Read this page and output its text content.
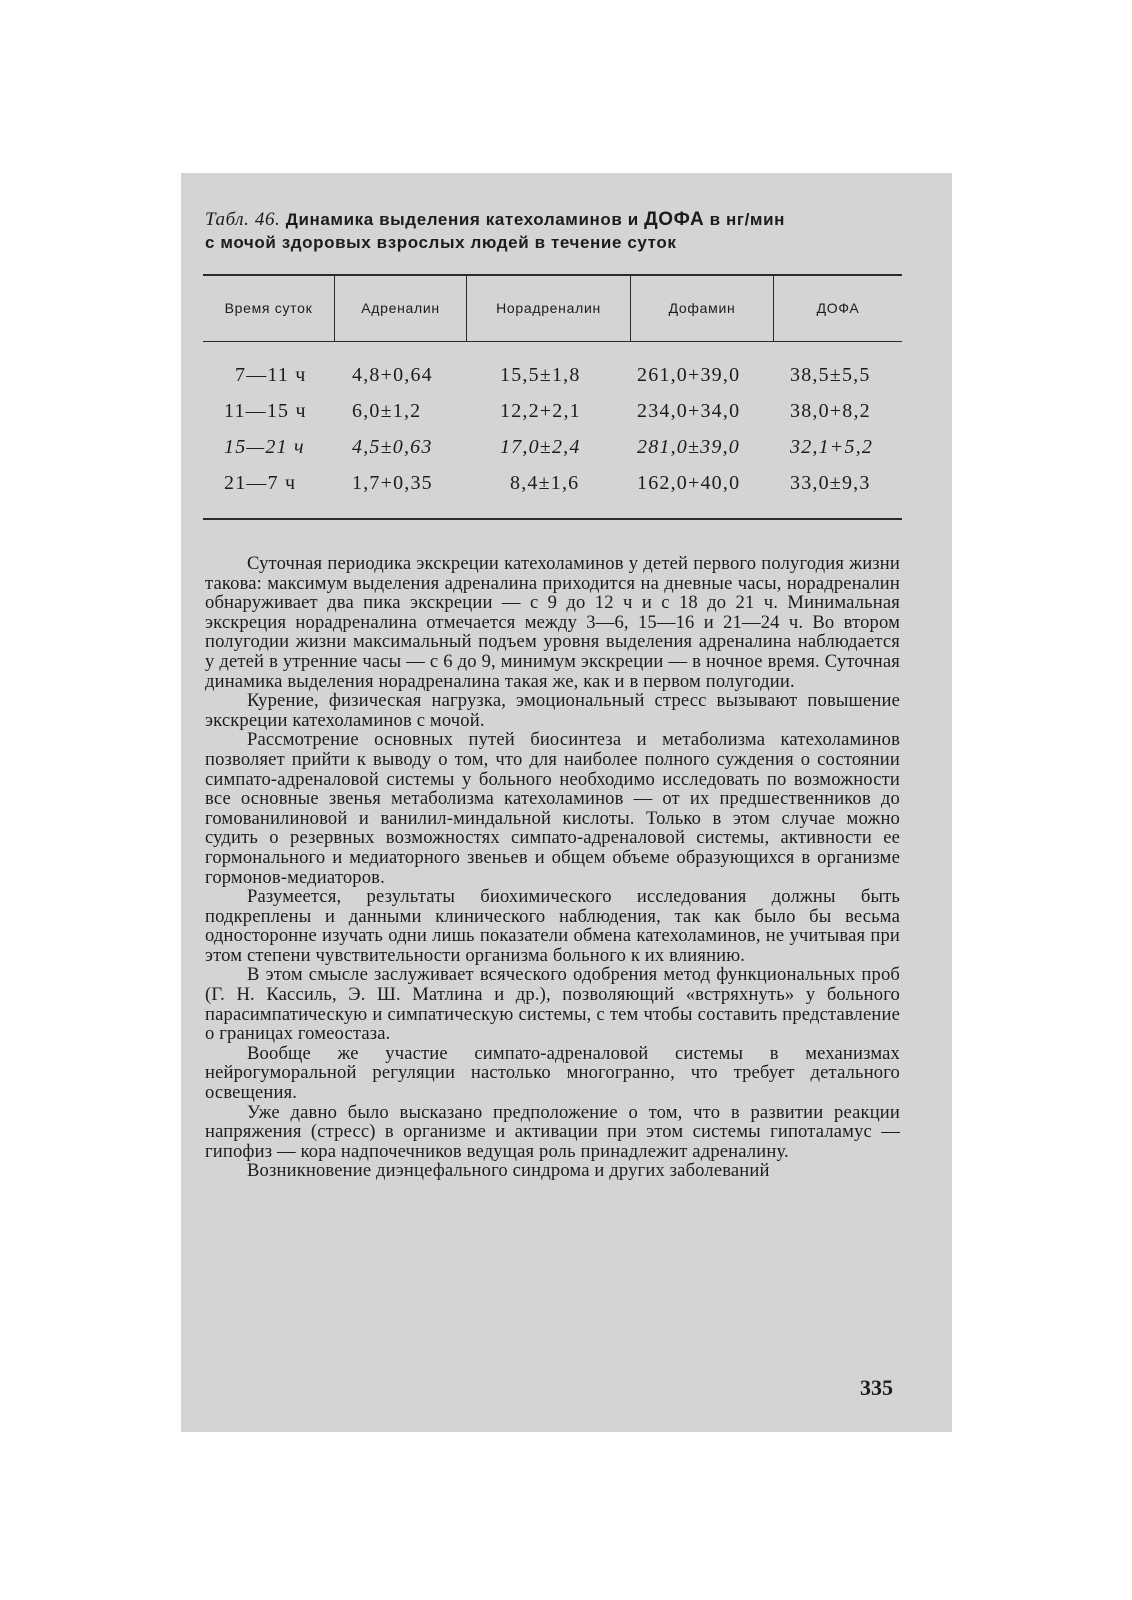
Табл. 46. Динамика выделения катехоламинов и ДОФА в нг/мин
с мочой здоровых взрослых людей в течение суток
Время суток	Адреналин	Норадреналин	Дофамин	ДОФА
7—11 ч 4,8+0,64	15,5±1,8	261,0+39,0 38,5±5,5
11—15 ч 6,0±1,2	12,2+2,1	234,0+34,0 38,0+8,2
15—21 ч 4,5±0,63	17,0±2,4	281,0±39,0	32,1+5,2
21—7 ч	1,7+0,35	8,4±1,6	162,0+40,0 33,0±9,3

Суточная периодика экскреции катехоламинов у детей первого полугодия жизни такова: максимум выделения адреналина приходится на дневные часы, норадреналин обнаруживает два пика экскреции — с 9 до 12 ч и с 18 до 21 ч. Минимальная экскреция норадреналина отмечается между 3—6, 15—16 и 21—24 ч. Во втором полугодии жизни максимальный подъем уровня выделения адреналина наблюдается у детей в утренние часы — с 6 до 9, минимум экскреции — в ночное время. Суточная динамика выделения норадреналина такая же, как и в первом полугодии.

Курение, физическая нагрузка, эмоциональный стресс вызывают повышение экскреции катехоламинов с мочой.

Рассмотрение основных путей биосинтеза и метаболизма катехоламинов позволяет прийти к выводу о том, что для наиболее полного суждения о состоянии симпато-адреналовой системы у больного необходимо исследовать по возможности все основные звенья метаболизма катехоламинов — от их предшественников до гомованилиновой и ванилил-миндальной кислоты. Только в этом случае можно судить о резервных возможностях симпато-адреналовой системы, активности ее гормонального и медиаторного звеньев и общем объеме образующихся в организме гормонов-медиаторов.

Разумеется, результаты биохимического исследования должны быть подкреплены и данными клинического наблюдения, так как было бы весьма односторонне изучать одни лишь показатели обмена катехоламинов, не учитывая при этом степени чувствительности организма больного к их влиянию.

В этом смысле заслуживает всяческого одобрения метод функциональных проб (Г. Н. Кассиль, Э. Ш. Матлина и др.), позволяющий «встряхнуть» у больного парасимпатическую и симпатическую системы, с тем чтобы составить представление о границах гомеостаза.

Вообще же участие симпато-адреналовой системы в механизмах нейрогуморальной регуляции настолько многогранно, что требует детального освещения.

Уже давно было высказано предположение о том, что в развитии реакции напряжения (стресс) в организме и активации при этом системы гипоталамус — гипофиз — кора надпочечников ведущая роль принадлежит адреналину.

Возникновение диэнцефального синдрома и других заболеваний

335
